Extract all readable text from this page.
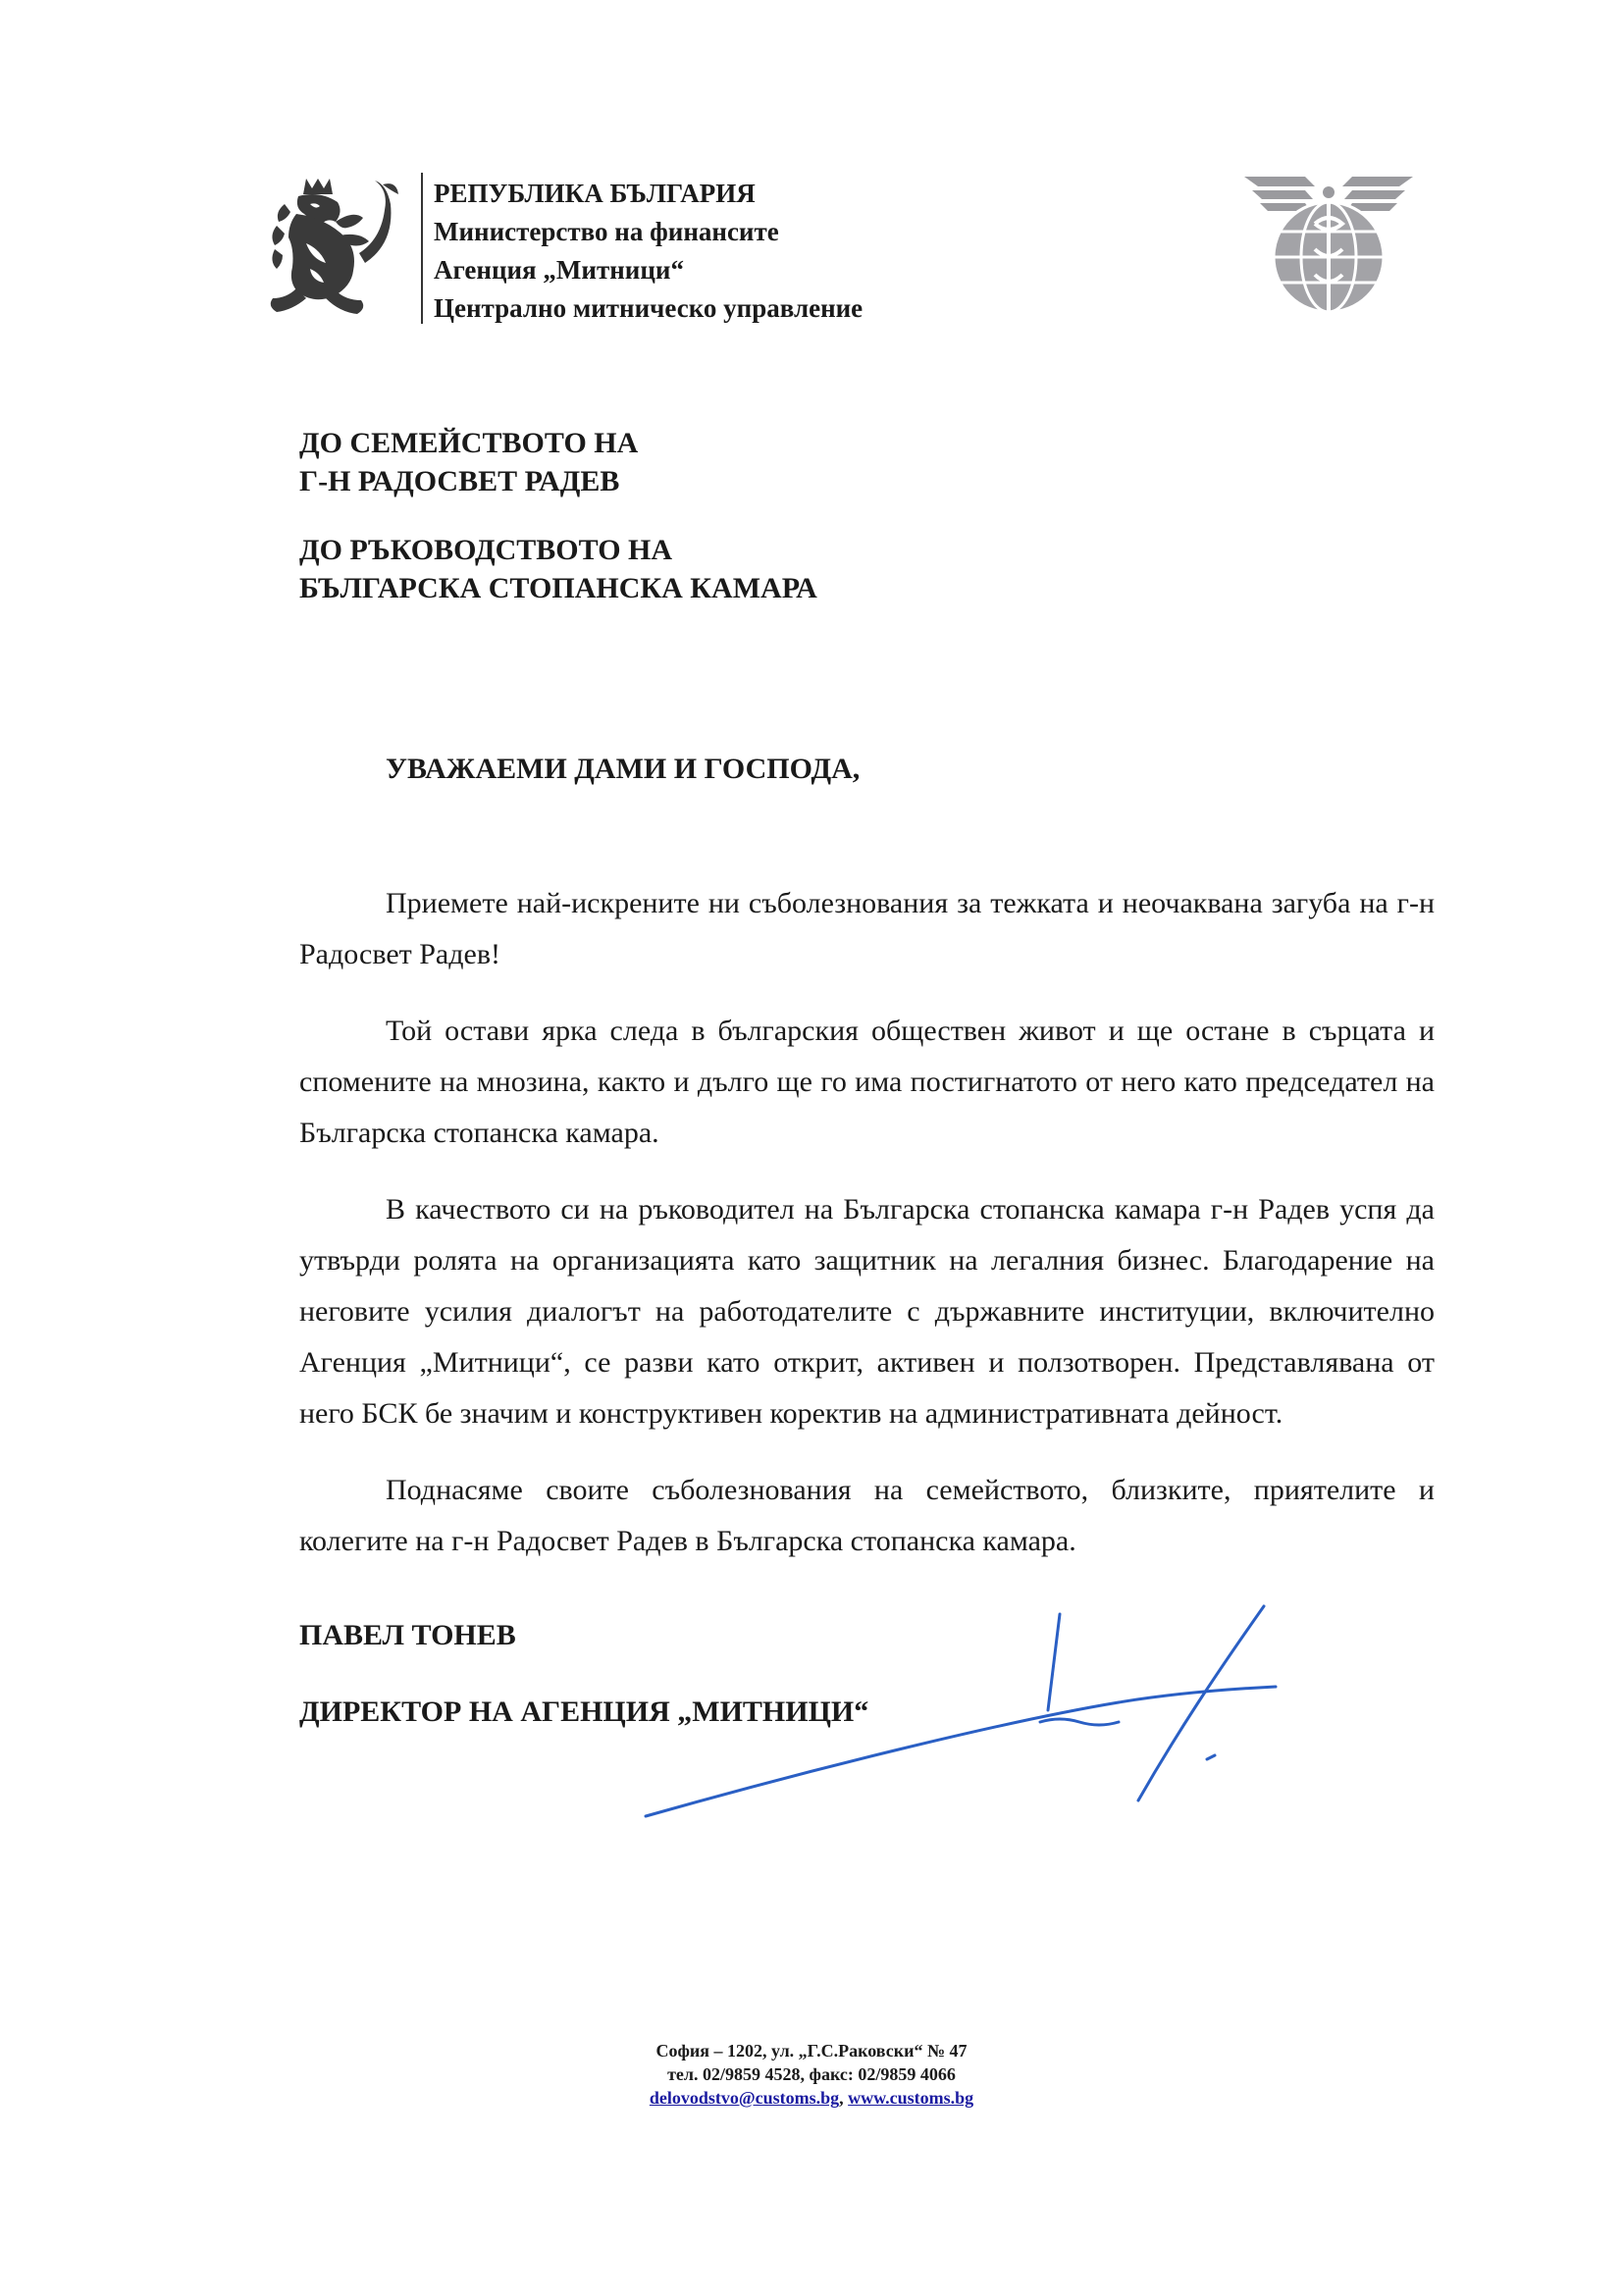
РЕПУБЛИКА БЪЛГАРИЯ
Министерство на финансите
Агенция „Митници“
Централно митническо управление
ДО СЕМЕЙСТВОТО НА
Г-Н РАДОСВЕТ РАДЕВ
ДО РЪКОВОДСТВОТО НА
БЪЛГАРСКА СТОПАНСКА КАМАРА
УВАЖАЕМИ ДАМИ И ГОСПОДА,

Приемете най-искрените ни съболезнования за тежката и неочаквана загуба на г-н Радосвет Радев!

Той остави ярка следа в българския обществен живот и ще остане в сърцата и спомените на мнозина, както и дълго ще го има постигнатото от него като председател на Българска стопанска камара.

В качеството си на ръководител на Българска стопанска камара г-н Радев успя да утвърди ролята на организацията като защитник на легалния бизнес. Благодарение на неговите усилия диалогът на работодателите с държавните институции, включително Агенция „Митници“, се разви като открит, активен и ползотворен. Представлявана от него БСК бе значим и конструктивен коректив на административната дейност.

Поднасяме своите съболезнования на семейството, близките, приятелите и колегите на г-н Радосвет Радев в Българска стопанска камара.

ПАВЕЛ ТОНЕВ
ДИРЕКТОР НА АГЕНЦИЯ „МИТНИЦИ“
София – 1202, ул. „Г.С.Раковски“ № 47
тел. 02/9859 4528, факс: 02/9859 4066
delovodstvo@customs.bg, www.customs.bg
